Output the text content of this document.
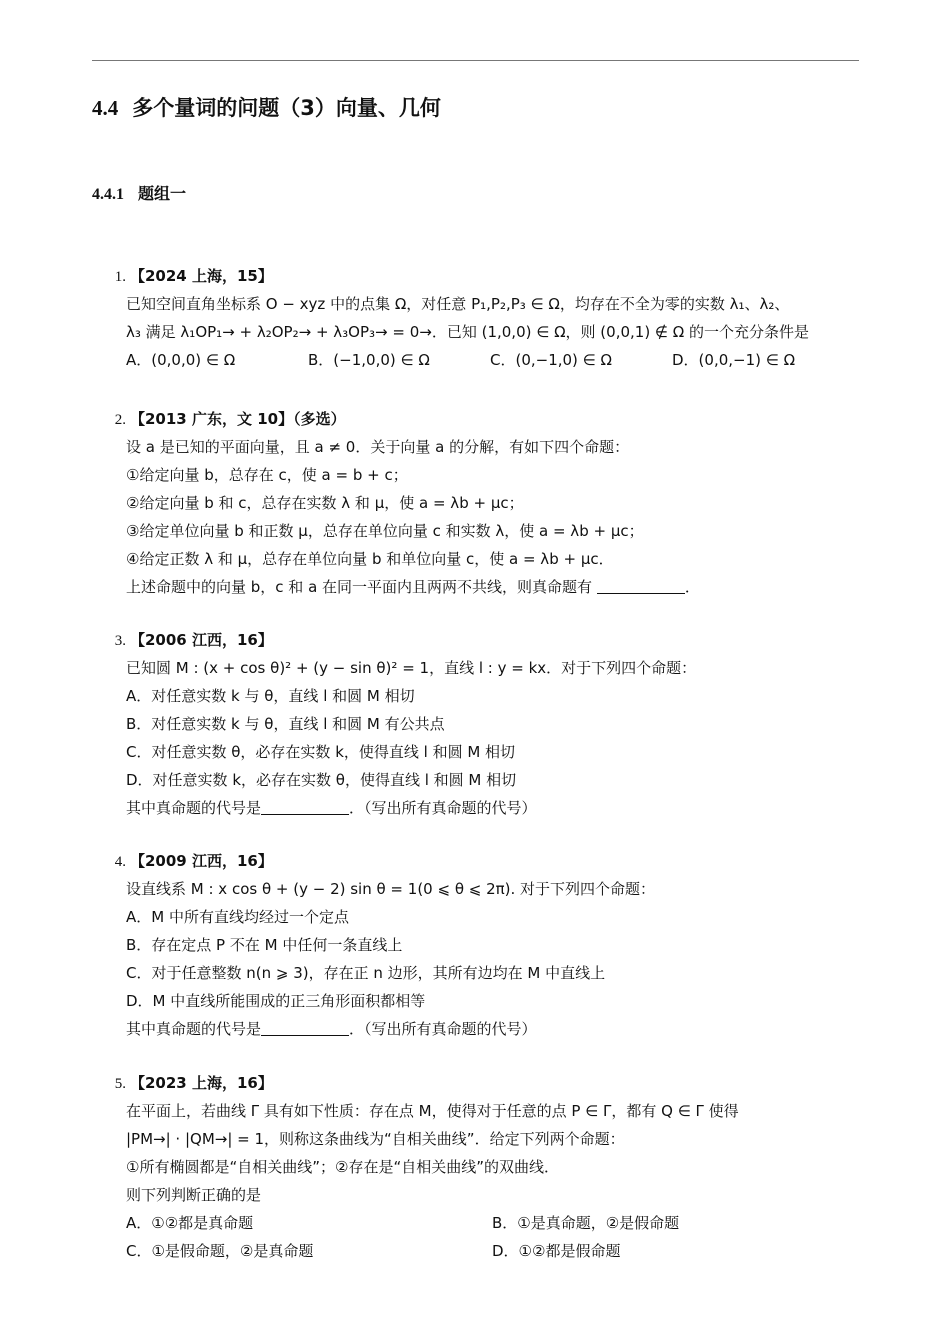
4.4 多个量词的问题（3）向量、几何
4.4.1 题组一
1. 【2024 上海，15】
已知空间直角坐标系 O − xyz 中的点集 Ω，对任意 P₁,P₂,P₃ ∈ Ω，均存在不全为零的实数 λ₁、λ₂、
λ₃ 满足 λ₁OP₁→ + λ₂OP₂→ + λ₃OP₃→ = 0→．已知 (1,0,0) ∈ Ω，则 (0,0,1) ∉ Ω 的一个充分条件是
A．(0,0,0) ∈ Ω	B．(−1,0,0) ∈ Ω	C．(0,−1,0) ∈ Ω	D．(0,0,−1) ∈ Ω
2. 【2013 广东，文 10】（多选）
设 a 是已知的平面向量，且 a ≠ 0．关于向量 a 的分解，有如下四个命题：
①给定向量 b，总存在 c，使 a = b + c；
②给定向量 b 和 c，总存在实数 λ 和 μ，使 a = λb + μc；
③给定单位向量 b 和正数 μ，总存在单位向量 c 和实数 λ，使 a = λb + μc；
④给定正数 λ 和 μ，总存在单位向量 b 和单位向量 c，使 a = λb + μc．
上述命题中的向量 b，c 和 a 在同一平面内且两两不共线，则真命题有	．
3. 【2006 江西，16】
已知圆 M : (x + cos θ)² + (y − sin θ)² = 1，直线 l : y = kx．对于下列四个命题：
A．对任意实数 k 与 θ，直线 l 和圆 M 相切
B．对任意实数 k 与 θ，直线 l 和圆 M 有公共点
C．对任意实数 θ，必存在实数 k，使得直线 l 和圆 M 相切
D．对任意实数 k，必存在实数 θ，使得直线 l 和圆 M 相切
其中真命题的代号是	．（写出所有真命题的代号）
4. 【2009 江西，16】
设直线系 M : x cos θ + (y − 2) sin θ = 1(0 ⩽ θ ⩽ 2π). 对于下列四个命题：
A．M 中所有直线均经过一个定点
B．存在定点 P 不在 M 中任何一条直线上
C．对于任意整数 n(n ⩾ 3)，存在正 n 边形，其所有边均在 M 中直线上
D．M 中直线所能围成的正三角形面积都相等
其中真命题的代号是	．（写出所有真命题的代号）
5. 【2023 上海，16】
在平面上，若曲线 Γ 具有如下性质：存在点 M，使得对于任意的点 P ∈ Γ，都有 Q ∈ Γ 使得
|PM→| · |QM→| = 1，则称这条曲线为“自相关曲线”．给定下列两个命题：
①所有椭圆都是“自相关曲线”；②存在是“自相关曲线”的双曲线．
则下列判断正确的是
A．①②都是真命题	B．①是真命题，②是假命题
C．①是假命题，②是真命题	D．①②都是假命题
